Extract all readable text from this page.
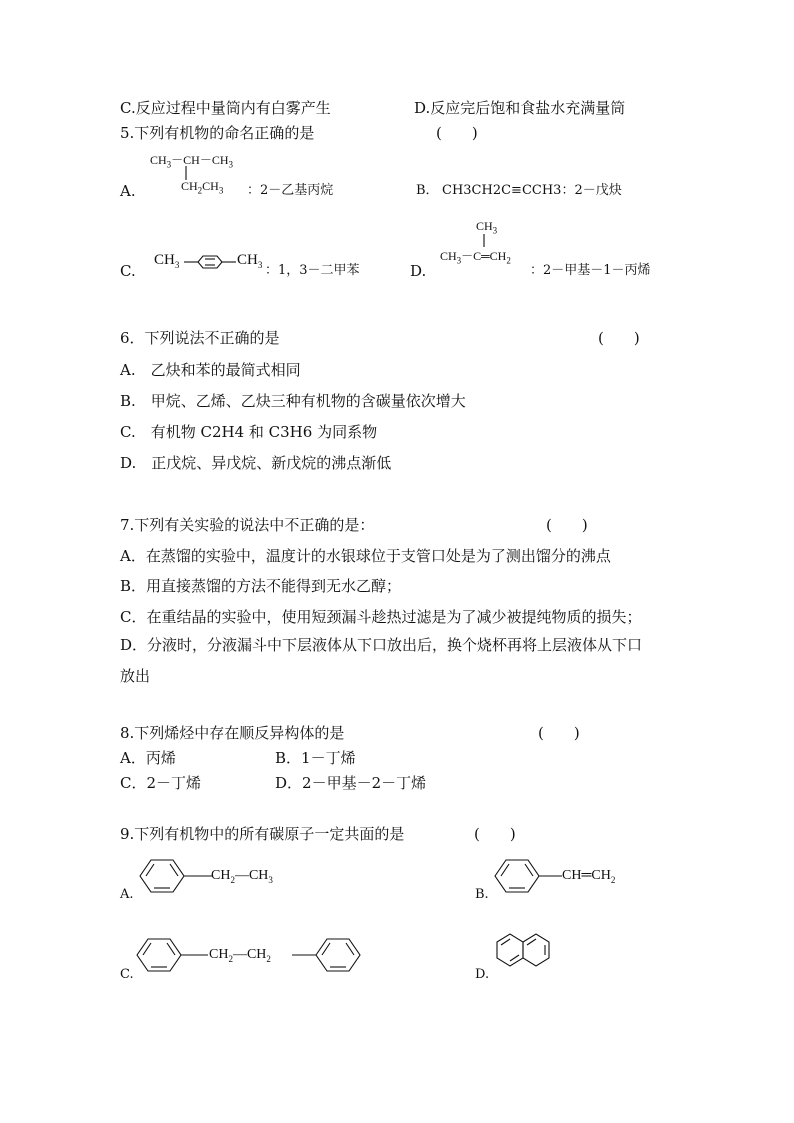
C.反应过程中量筒内有白雾产生	D.反应完后饱和食盐水充满量筒
5.下列有机物的命名正确的是	(　　)
$CH_3-CH-CH_3$
$CH_2CH_3$
A.	：2－乙基丙烷	B． CH3CH2C≡CCH3：2－戊炔
C.
$CH_3$	$CH_3$ ：1，3－二甲苯	D.
$CH_3$
$CH_3-C═CH_2$
：2－甲基－1－丙烯
6．下列说法不正确的是	(　　)
A.　乙炔和苯的最简式相同
B.　甲烷、乙烯、乙炔三种有机物的含碳量依次增大
C.　有机物 C2H4 和 C3H6 为同系物
D.　正戊烷、异戊烷、新戊烷的沸点渐低
7.下列有关实验的说法中不正确的是：	(　　)
A．在蒸馏的实验中，温度计的水银球位于支管口处是为了测出馏分的沸点
B．用直接蒸馏的方法不能得到无水乙醇；
C．在重结晶的实验中，使用短颈漏斗趁热过滤是为了减少被提纯物质的损失；
D．分液时，分液漏斗中下层液体从下口放出后，换个烧杯再将上层液体从下口
放出
8.下列烯烃中存在顺反异构体的是	(　　)
A．丙烯	B．1－丁烯
C．2－丁烯	D．2－甲基－2－丁烯
9.下列有机物中的所有碳原子一定共面的是	(　　)
A.
$CH_2—CH_3$
B.
$CH═CH_2$
C.
$CH_2—CH_2$
D.
